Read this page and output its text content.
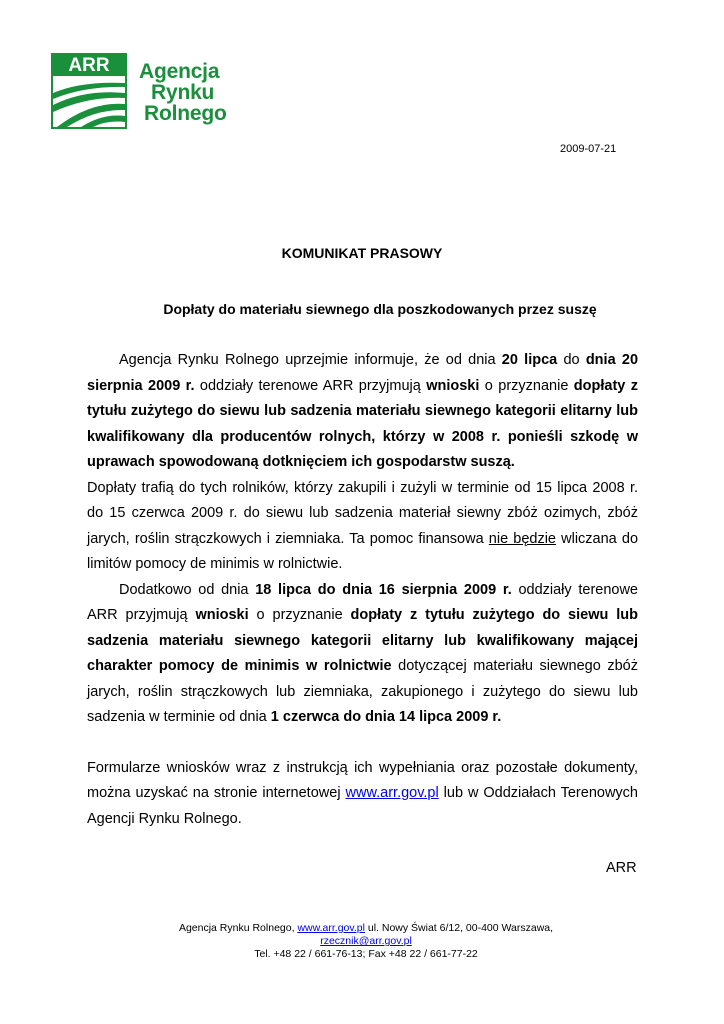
ARR Agencja
Rynku
Rolnego
2009-07-21
KOMUNIKAT PRASOWY
Dopłaty do materiału siewnego dla poszkodowanych przez suszę

Agencja Rynku Rolnego uprzejmie informuje, że od dnia 20 lipca do dnia 20 sierpnia 2009 r. oddziały terenowe ARR przyjmują wnioski o przyznanie dopłaty z tytułu zużytego do siewu lub sadzenia materiału siewnego kategorii elitarny lub kwalifikowany dla producentów rolnych, którzy w 2008 r. ponieśli szkodę w uprawach spowodowaną dotknięciem ich gospodarstw suszą.

Dopłaty trafią do tych rolników, którzy zakupili i zużyli w terminie od 15 lipca 2008 r. do 15 czerwca 2009 r. do siewu lub sadzenia materiał siewny zbóż ozimych, zbóż jarych, roślin strączkowych i ziemniaka. Ta pomoc finansowa nie będzie wliczana do limitów pomocy de minimis w rolnictwie.

Dodatkowo od dnia 18 lipca do dnia 16 sierpnia 2009 r. oddziały terenowe ARR przyjmują wnioski o przyznanie dopłaty z tytułu zużytego do siewu lub sadzenia materiału siewnego kategorii elitarny lub kwalifikowany mającej charakter pomocy de minimis w rolnictwie dotyczącej materiału siewnego zbóż jarych, roślin strączkowych lub ziemniaka, zakupionego i zużytego do siewu lub sadzenia w terminie od dnia 1 czerwca do dnia 14 lipca 2009 r.

Formularze wniosków wraz z instrukcją ich wypełniania oraz pozostałe dokumenty, można uzyskać na stronie internetowej www.arr.gov.pl lub w Oddziałach Terenowych Agencji Rynku Rolnego.

ARR

Agencja Rynku Rolnego, www.arr.gov.pl ul. Nowy Świat 6/12, 00-400 Warszawa,

rzecznik@arr.gov.pl

Tel. +48 22 / 661-76-13; Fax +48 22 / 661-77-22
